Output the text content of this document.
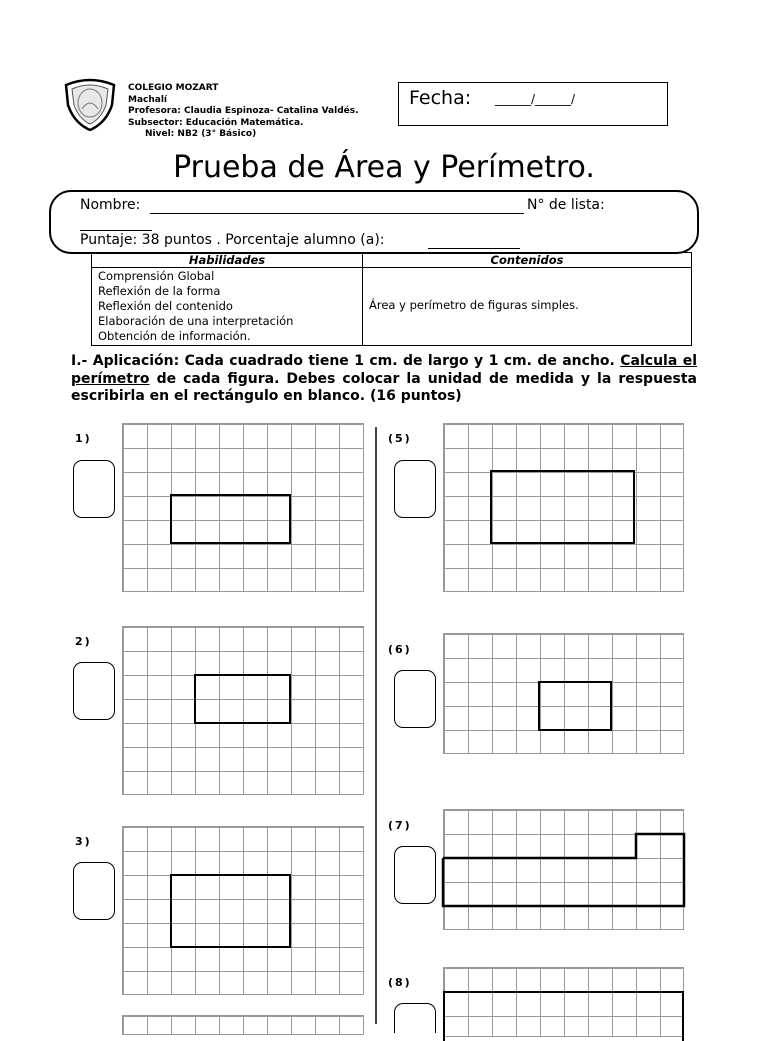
COLEGIO MOZART
Machalí
Profesora: Claudia Espinoza- Catalina Valdés.
Subsector: Educación Matemática.
Nivel: NB2 (3° Básico)
Fecha: ______/______/
Prueba de Área y Perímetro.
Nombre:	N° de lista:
Puntaje: 38 puntos . Porcentaje alumno (a):
Habilidades	Contenidos

Comprensión Global
Reflexión de la forma
Reflexión del contenido
Elaboración de una interpretación
Obtención de información.	Área y perímetro de figuras simples.
I.- Aplicación: Cada cuadrado tiene 1 cm. de largo y 1 cm. de ancho. Calcula el perímetro de cada figura. Debes colocar la unidad de medida y la respuesta escribirla en el rectángulo en blanco. (16 puntos)
1)
2)
3)
(5)
(6)
(7)
(8)
